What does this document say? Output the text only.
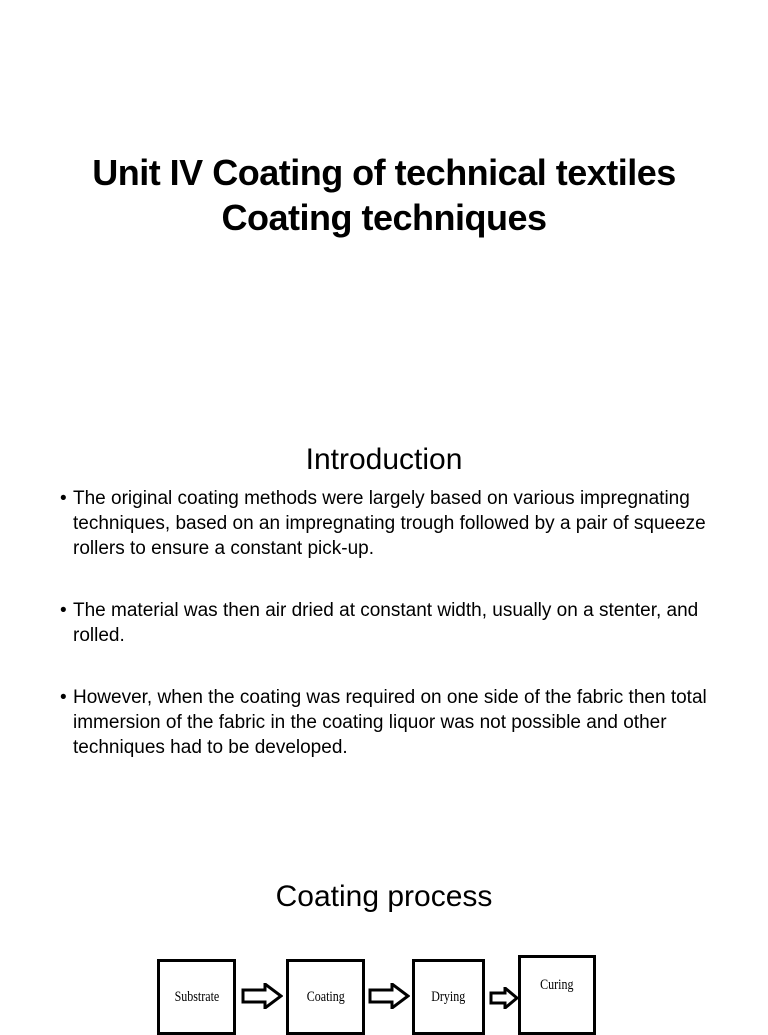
Unit IV Coating of technical textiles
Coating techniques
Introduction
• The original coating methods were largely based on various impregnating techniques, based on an impregnating trough followed by a pair of squeeze rollers to ensure a constant pick-up.
• The material was then air dried at constant width, usually on a stenter, and rolled.
• However, when the coating was required on one side of the fabric then total immersion of the fabric in the coating liquor was not possible and other techniques had to be developed.
Coating process
Substrate	Coating	Drying
Curing
